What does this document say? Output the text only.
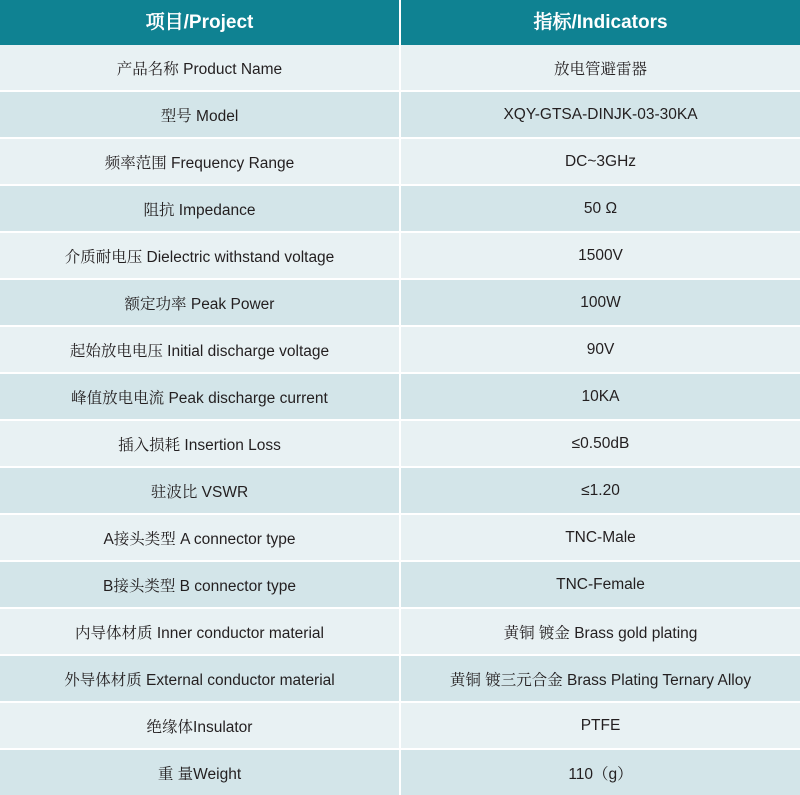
项目/Project	指标/Indicators
产品名称 Product Name	放电管避雷器
型号 Model	XQY-GTSA-DINJK-03-30KA
频率范围 Frequency Range	DC~3GHz
阻抗 Impedance	50 Ω
介质耐电压 Dielectric withstand voltage	1500V
额定功率 Peak Power	100W
起始放电电压 Initial discharge voltage	90V
峰值放电电流 Peak discharge current	10KA
插入损耗 Insertion Loss	≤0.50dB
驻波比 VSWR	≤1.20
A接头类型 A connector type	TNC-Male
B接头类型 B connector type	TNC-Female
内导体材质 Inner conductor material	黄铜 镀金 Brass gold plating
外导体材质 External conductor material	黄铜 镀三元合金 Brass Plating Ternary Alloy
绝缘体Insulator	PTFE
重 量Weight	110（g）
